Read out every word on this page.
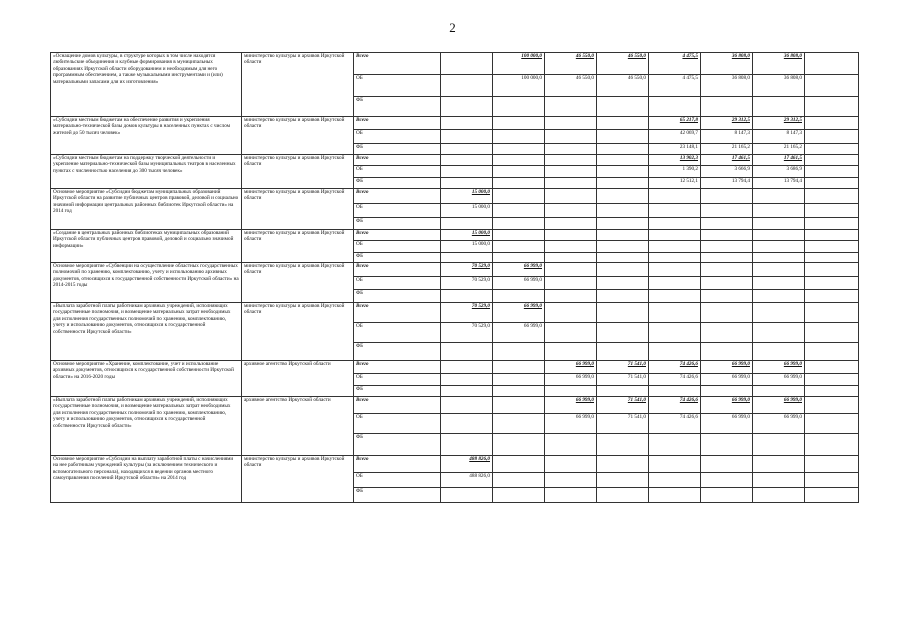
2
«Оснащение домов культуры, в структуре которых в том числе находятся любительские объединения и клубные формирования в муниципальных образованиях Иркутской области оборудованием и необходимым для него программным обеспечением, а также музыкальными инструментами и (или) материальными запасами для их изготовления»	министерство культуры и архивов Иркутской области	Всего		100 000,0	46 550,0	46 550,0	4 475,5	36 808,0	36 808,0	
		ОБ		100 000,0	46 550,0	46 550,0	4 475,5	36 808,0	36 808,0	
		ФБ								
«Субсидии местным бюджетам на обеспечение развития и укрепления материально-технической базы домов культуры в населенных пунктах с числом жителей до 50 тысяч человек»	министерство культуры и архивов Иркутской области	Всего					65 217,8	29 312,5	29 312,5	
		ОБ					42 069,7	8 147,3	8 147,3	
		ФБ					23 148,1	21 165,2	21 165,2	
«Субсидии местным бюджетам на поддержку творческой деятельности и укрепление материально-технической базы муниципальных театров в населенных пунктах с численностью населения до 300 тысяч человек»	министерство культуры и архивов Иркутской области	Всего					13 902,3	17 461,5	17 461,5	
		ОБ					1 390,2	3 666,9	3 686,9	
		ФБ					12 512,1	13 794,4	13 794,4	
Основное мероприятие «Субсидии бюджетам муниципальных образований Иркутской области на развитие публичных центров правовой, деловой и социально значимой информации центральных районных библиотек Иркутской области» на 2014 год	министерство культуры и архивов Иркутской области	Всего	15 000,0							
		ОБ	15 000,0							
		ФБ								
«Создание в центральных районных библиотеках муниципальных образований Иркутской области публичных центров правовой, деловой и социально значимой информации»	министерство культуры и архивов Иркутской области	Всего	15 000,0							
		ОБ	15 000,0							
		ФБ								
Основное мероприятие «Субвенции на осуществление областных государственных полномочий по хранению, комплектованию, учету и использованию архивных документов, относящихся к государственной собственности Иркутской области» на 2014-2015 годы	министерство культуры и архивов Иркутской области	Всего	70 529,0	66 999,0						
		ОБ	70 529,0	66 999,0						
		ФБ								
«Выплата заработной платы работникам архивных учреждений, исполняющих государственные полномочия, и возмещение материальных затрат необходимых для исполнения государственных полномочий по хранению, комплектованию, учету и использованию документов, относящихся к государственной собственности Иркутской области»	министерство культуры и архивов Иркутской области	Всего	70 529,0	66 999,0						
		ОБ	70 529,0	66 999,0						
		ФБ								
Основное мероприятие «Хранение, комплектование, учет и использование архивных документов, относящихся к государственной собственности Иркутской области» на 2016-2020 годы	архивное агентство Иркутской области	Всего			66 999,0	71 541,0	74 426,6	66 999,0	66 999,0	
		ОБ			66 999,0	71 541,0	74 426,6	66 999,0	66 999,0	
		ФБ								
«Выплата заработной платы работникам архивных учреждений, исполняющих государственные полномочия, и возмещение материальных затрат необходимых для исполнения государственных полномочий по хранению, комплектованию, учету и использованию документов, относящихся к государственной собственности Иркутской области»	архивное агентство Иркутской области	Всего			66 999,0	71 541,0	74 426,6	66 999,0	66 999,0	
		ОБ			66 999,0	71 541,0	74 426,6	66 999,0	66 999,0	
		ФБ								
Основное мероприятие «Субсидии на выплату заработной платы с начислениями на нее работникам учреждений культуры (за исключением технического и вспомогательного персонала), находящихся в ведении органов местного самоуправления поселений Иркутской области» на 2014 год	министерство культуры и архивов Иркутской области	Всего	488 826,0							
		ОБ	488 826,0							
		ФБ								
